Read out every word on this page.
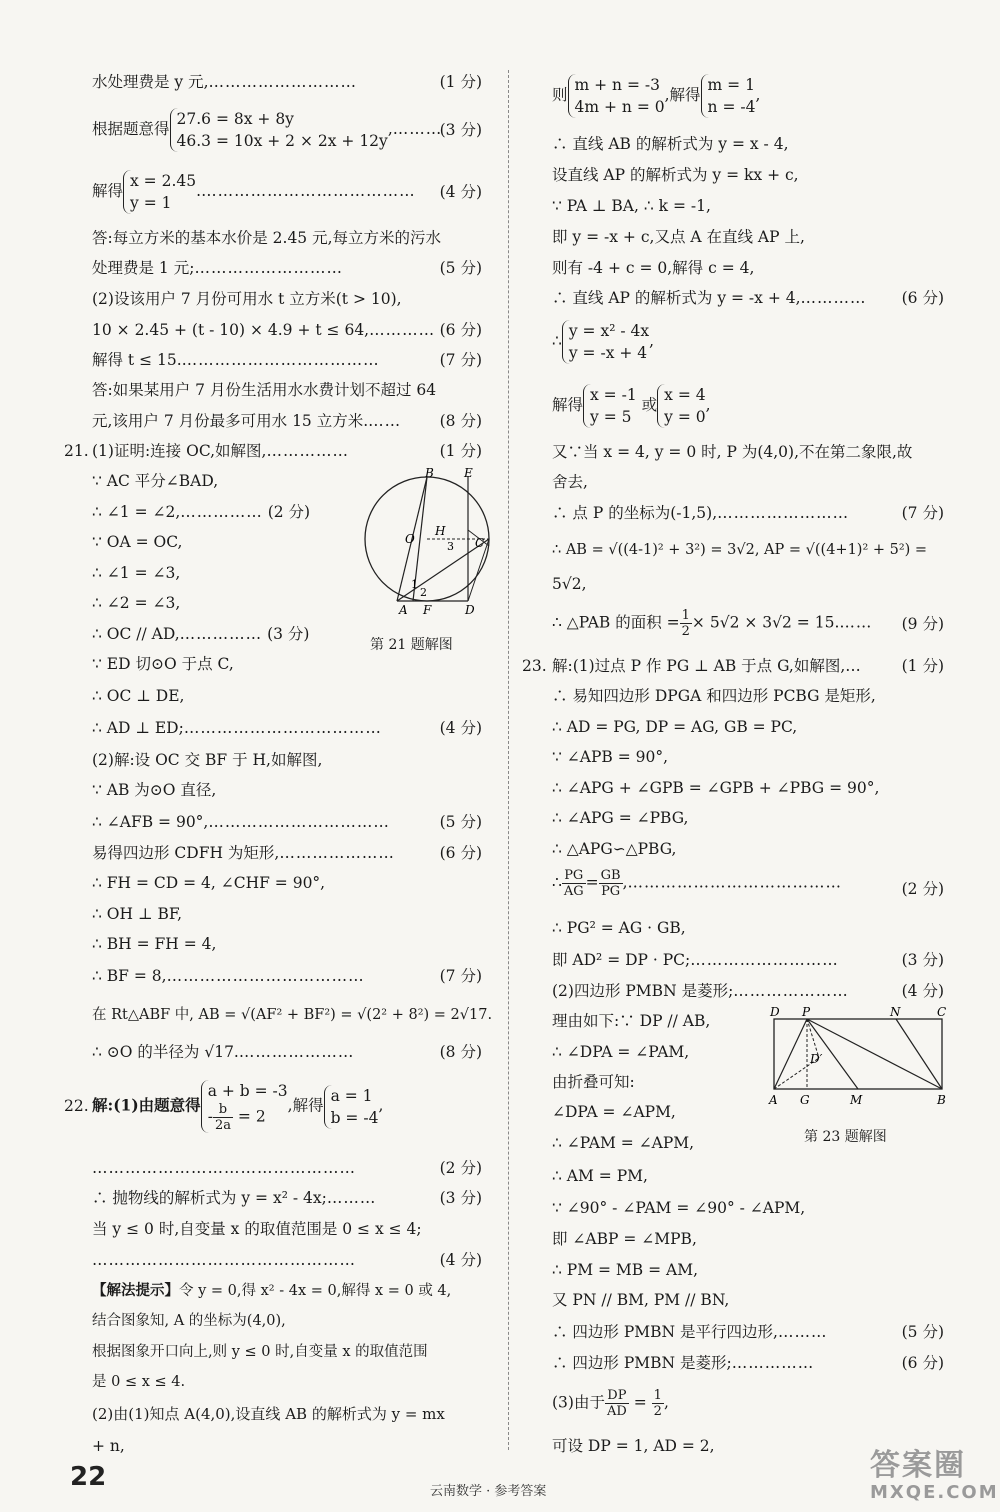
水处理费是 y 元,………………………	(1 分)
根据题意得27.6 = 8x + 8y
46.3 = 10x + 2 × 2x + 12y,………
(3 分)
解得x = 2.45
y = 1.………………………………… (4 分)
答:每立方米的基本水价是 2.45 元,每立方米的污水
处理费是 1 元;………………………	(5 分)
(2)设该用户 7 月份可用水 t 立方米(t > 10),
10 × 2.45 + (t - 10) × 4.9 + t ≤ 64,………… (6 分)
解得 t ≤ 15.………………………………	(7 分)
答:如果某用户 7 月份生活用水水费计划不超过 64
元,该用户 7 月份最多可用水 15 立方米.…… (8 分)
21. (1)证明:连接 OC,如解图,……………	(1 分)
∵ AC 平分∠BAD,
∴ ∠1 = ∠2,…………… (2 分)
∵ OA = OC,
∴ ∠1 = ∠3,
∴ ∠2 = ∠3,
∴ OC // AD,…………… (3 分)
∵ ED 切⊙O 于点 C,
∴ OC ⊥ DE,
∴ AD ⊥ ED;………………………………	(4 分)
(2)解:设 OC 交 BF 于 H,如解图,
∵ AB 为⊙O 直径,
∴ ∠AFB = 90°,……………………………	(5 分)
易得四边形 CDFH 为矩形,…………………	(6 分)
∴ FH = CD = 4, ∠CHF = 90°,
∴ OH ⊥ BF,
∴ BH = FH = 4,
∴ BF = 8,………………………………	(7 分)
在 Rt△ABF 中, AB = √(AF² + BF²) = √(2² + 8²) = 2√17.
∴ ⊙O 的半径为 √17.…………………	(8 分)
22. 解:(1)由题意得a + b = -3
- $\frac{b}{2a} = 2$,解得a = 1
b = -4,
…………………………………………	(2 分)
∴ 抛物线的解析式为 y = x² - 4x;………	(3 分)
当 y ≤ 0 时,自变量 x 的取值范围是 0 ≤ x ≤ 4;
…………………………………………	(4 分)
【解法提示】令 y = 0,得 x² - 4x = 0,解得 x = 0 或 4,
结合图象知, A 的坐标为(4,0),
根据图象开口向上,则 y ≤ 0 时,自变量 x 的取值范围
是 0 ≤ x ≤ 4.
(2)由(1)知点 A(4,0),设直线 AB 的解析式为 y = mx
+ n,
B	E
O
H
C
A F	D
1
2
3
第 21 题解图
则m + n = -3
4m + n = 0,解得m = 1
n = -4,
∴ 直线 AB 的解析式为 y = x - 4,
设直线 AP 的解析式为 y = kx + c,
∵ PA ⊥ BA, ∴ k = -1,
即 y = -x + c,又点 A 在直线 AP 上,
则有 -4 + c = 0,解得 c = 4,
∴ 直线 AP 的解析式为 y = -x + 4,………… (6 分)
∴y = x² - 4x
y = -x + 4,
解得x = -1
y = 5 或x = 4
y = 0,
又∵当 x = 4, y = 0 时, P 为(4,0),不在第二象限,故
舍去,
∴ 点 P 的坐标为(-1,5),……………………	(7 分)
∴ AB = √((4-1)² + 3²) = 3√2, AP = √((4+1)² + 5²) =
5√2,
∴ △PAB 的面积 = $\frac{1}{2} \times 5√2 \times 3√2$ = 15.…… (9 分)
23. 解:(1)过点 P 作 PG ⊥ AB 于点 G,如解图,…	(1 分)
∴ 易知四边形 DPGA 和四边形 PCBG 是矩形,
∴ AD = PG, DP = AG, GB = PC,
∵ ∠APB = 90°,
∴ ∠APG + ∠GPB = ∠GPB + ∠PBG = 90°,
∴ ∠APG = ∠PBG,
∴ △APG∽△PBG,
∴ $\frac{PG}{AG} = \frac{GB}{PG}$ ,…………………………………	(2 分)
∴ PG² = AG · GB,
即 AD² = DP · PC;………………………	(3 分)
(2)四边形 PMBN 是菱形;…………………	(4 分)
理由如下:∵ DP // AB,
∴ ∠DPA = ∠PAM,
由折叠可知:
∠DPA = ∠APM,
∴ ∠PAM = ∠APM,
∴ AM = PM,
∵ ∠90° - ∠PAM = ∠90° - ∠APM,
即 ∠ABP = ∠MPB,
∴ PM = MB = AM,
又 PN // BM, PM // BN,
∴ 四边形 PMBN 是平行四边形,………	(5 分)
∴ 四边形 PMBN 是菱形;……………	(6 分)
(3)由于 $\frac{DP}{AD} = \frac{1}{2}$ ,
可设 DP = 1, AD = 2,
D P	N	C
D′
A G	M	B
第 23 题解图
22	云南数学 · 参考答案
答案圈
MXQE.COM
